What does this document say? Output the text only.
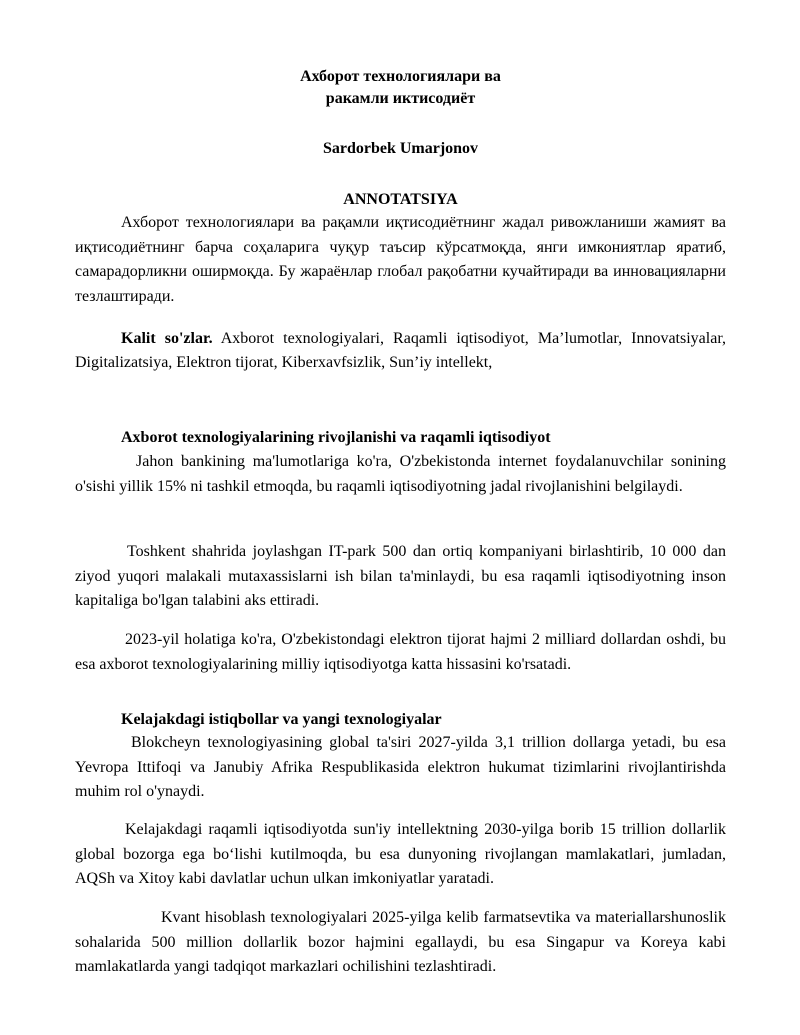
Ахборот технологиялари ва
ракамли иктисодиёт
Sardorbek Umarjonov
ANNOTATSIYA

Ахборот технологиялари ва рақамли иқтисодиётнинг жадал ривожланиши жамият ва иқтисодиётнинг барча соҳаларига чуқур таъсир кўрсатмоқда, янги имкониятлар яратиб, самарадорликни оширмоқда. Бу жараёнлар глобал рақобатни кучайтиради ва инновацияларни тезлаштиради.

Kalit so'zlar. Axborot texnologiyalari, Raqamli iqtisodiyot, Ma’lumotlar, Innovatsiyalar, Digitalizatsiya, Elektron tijorat, Kiberxavfsizlik, Sun’iy intellekt,

Axborot texnologiyalarining rivojlanishi va raqamli iqtisodiyot

Jahon bankining ma'lumotlariga ko'ra, O'zbekistonda internet foydalanuvchilar sonining o'sishi yillik 15% ni tashkil etmoqda, bu raqamli iqtisodiyotning jadal rivojlanishini belgilaydi.

Toshkent shahrida joylashgan IT-park 500 dan ortiq kompaniyani birlashtirib, 10 000 dan ziyod yuqori malakali mutaxassislarni ish bilan ta'minlaydi, bu esa raqamli iqtisodiyotning inson kapitaliga bo'lgan talabini aks ettiradi.

2023-yil holatiga ko'ra, O'zbekistondagi elektron tijorat hajmi 2 milliard dollardan oshdi, bu esa axborot texnologiyalarining milliy iqtisodiyotga katta hissasini ko'rsatadi.

Kelajakdagi istiqbollar va yangi texnologiyalar

Blokcheyn texnologiyasining global ta'siri 2027-yilda 3,1 trillion dollarga yetadi, bu esa Yevropa Ittifoqi va Janubiy Afrika Respublikasida elektron hukumat tizimlarini rivojlantirishda muhim rol o'ynaydi.

Kelajakdagi raqamli iqtisodiyotda sun'iy intellektning 2030-yilga borib 15 trillion dollarlik global bozorga ega boʻlishi kutilmoqda, bu esa dunyoning rivojlangan mamlakatlari, jumladan, AQSh va Xitoy kabi davlatlar uchun ulkan imkoniyatlar yaratadi.

Kvant hisoblash texnologiyalari 2025-yilga kelib farmatsevtika va materiallarshunoslik sohalarida 500 million dollarlik bozor hajmini egallaydi, bu esa Singapur va Koreya kabi mamlakatlarda yangi tadqiqot markazlari ochilishini tezlashtiradi.
